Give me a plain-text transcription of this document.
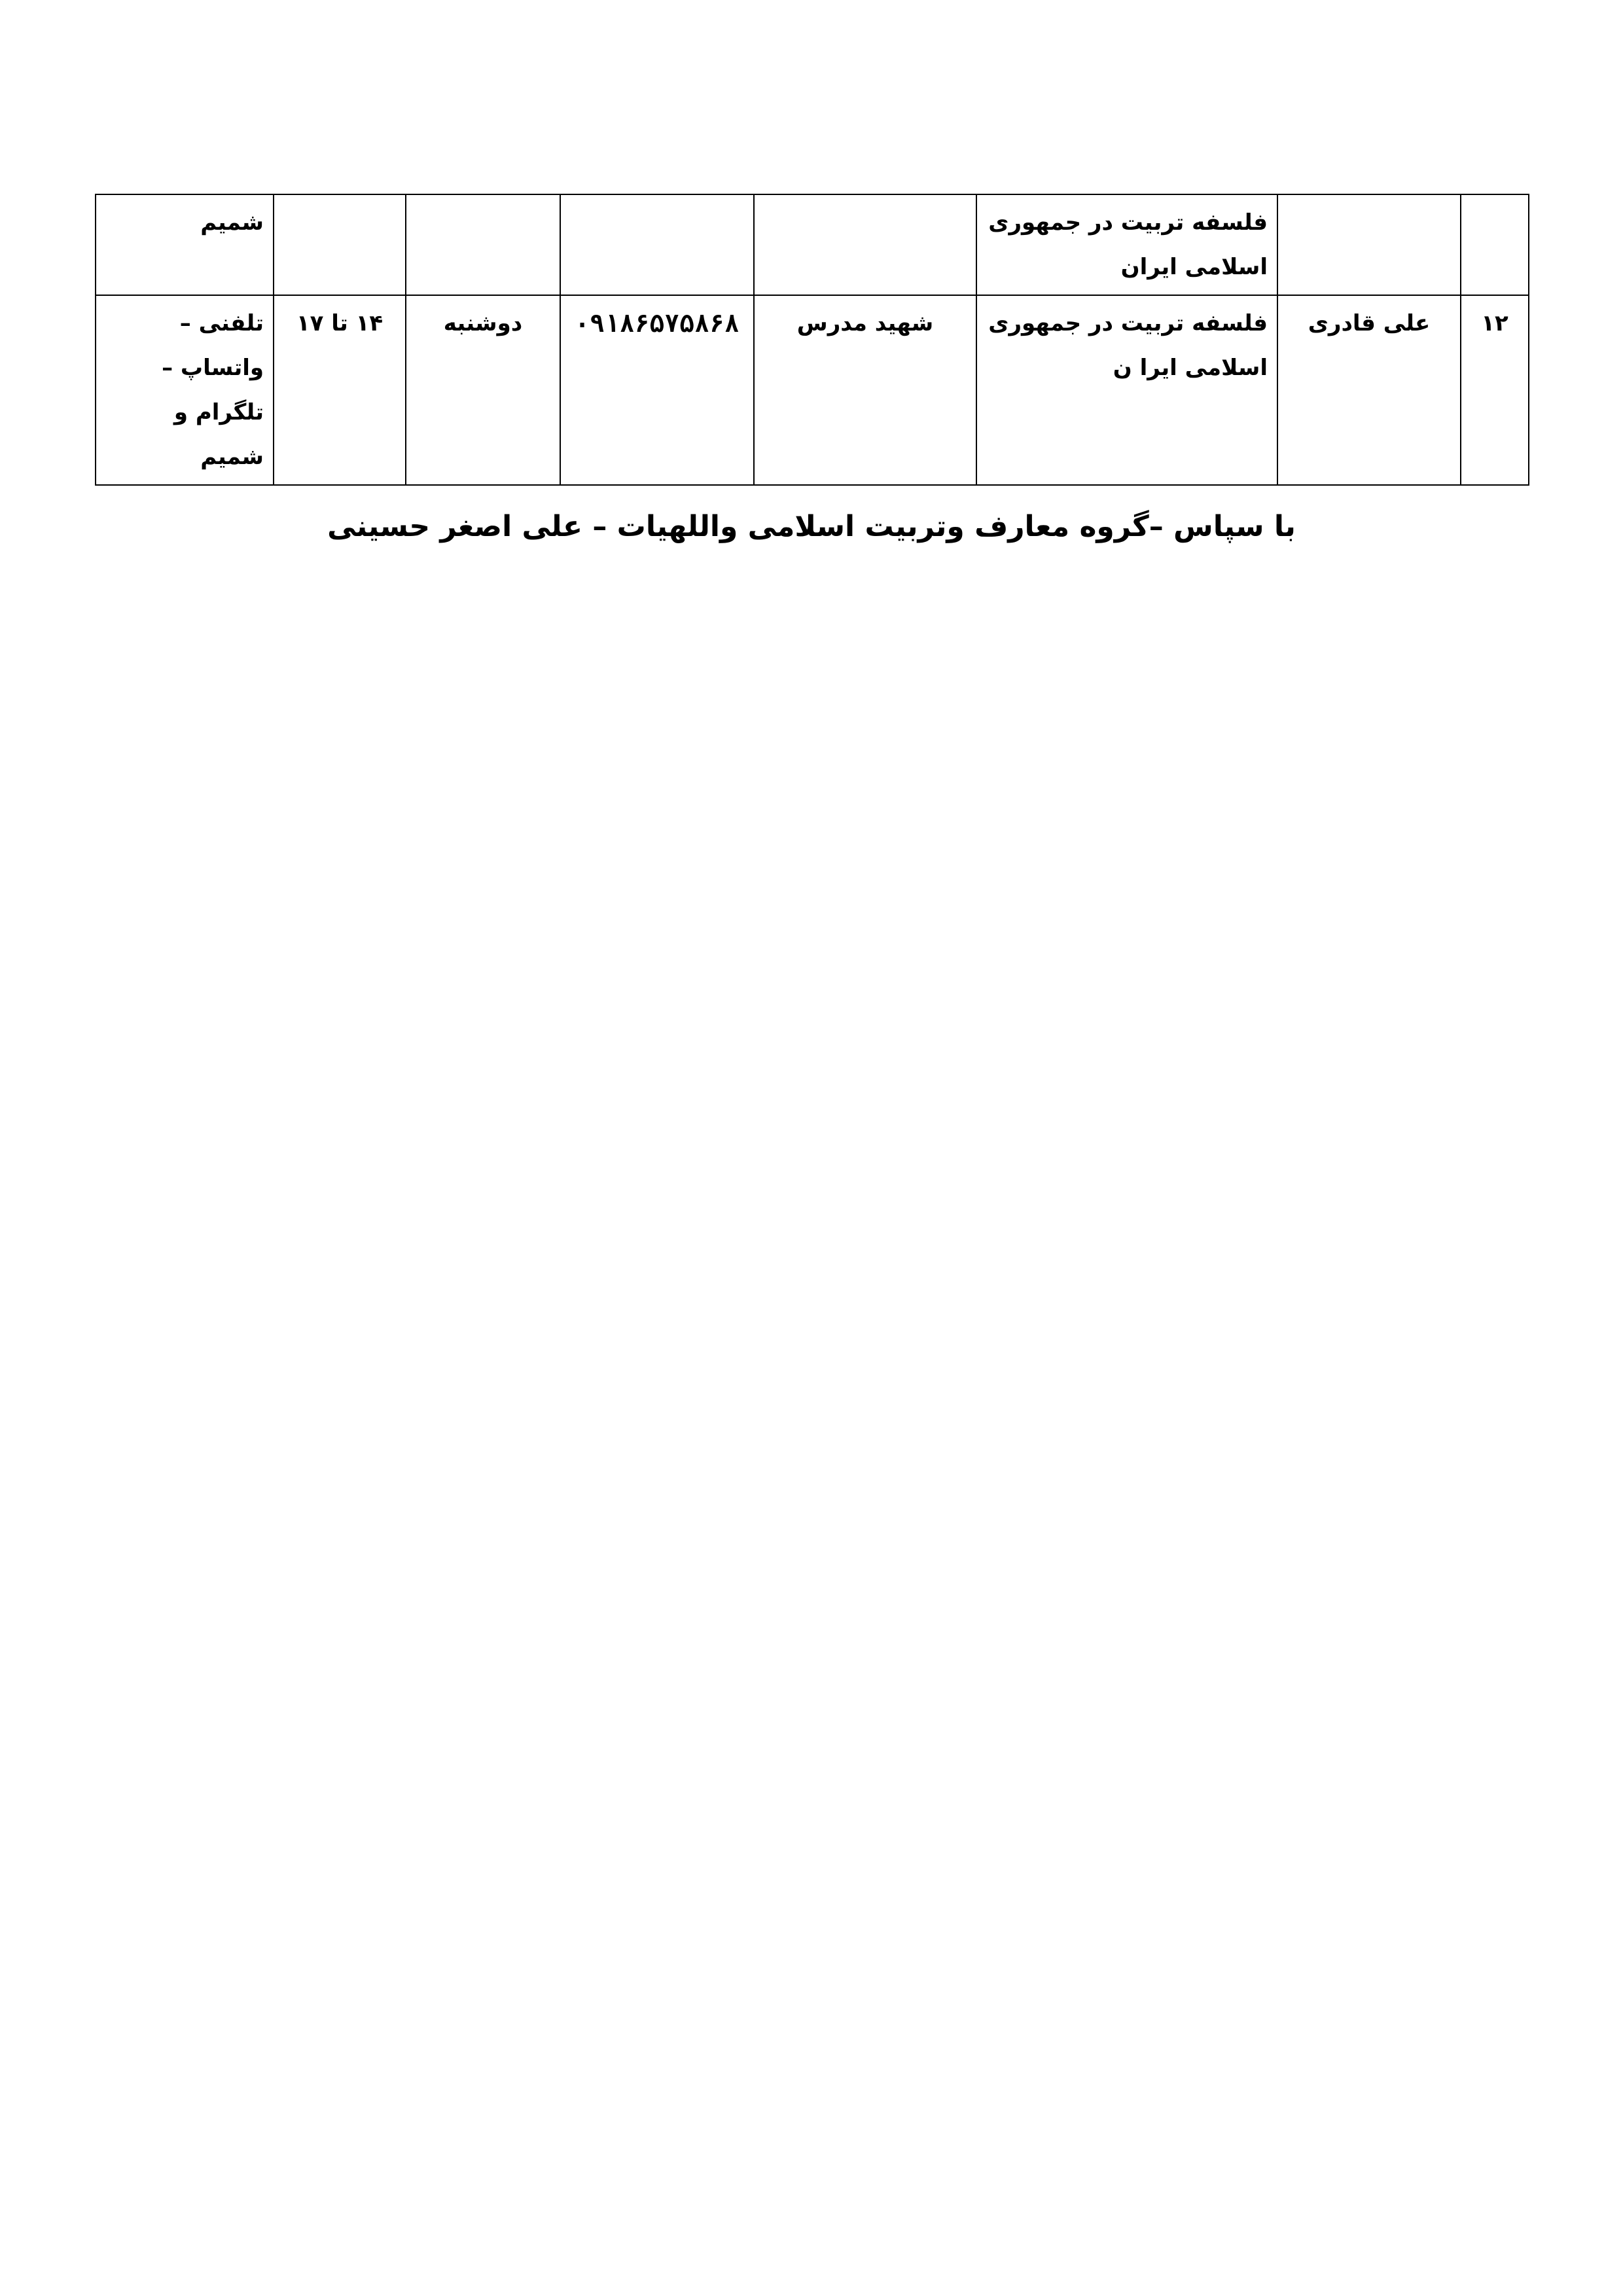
		فلسفه تربیت در جمهوری اسلامی ایران					شمیم
۱۲	علی قادری	فلسفه تربیت در جمهوری اسلامی ایرا ن	شهید مدرس	۰۹۱۸۶۵۷۵۸۶۸	دوشنبه	۱۴ تا ۱۷	تلفنی – واتساپ – تلگرام و شمیم
با سپاس –گروه معارف وتربیت اسلامی واللهیات – علی اصغر حسینی
